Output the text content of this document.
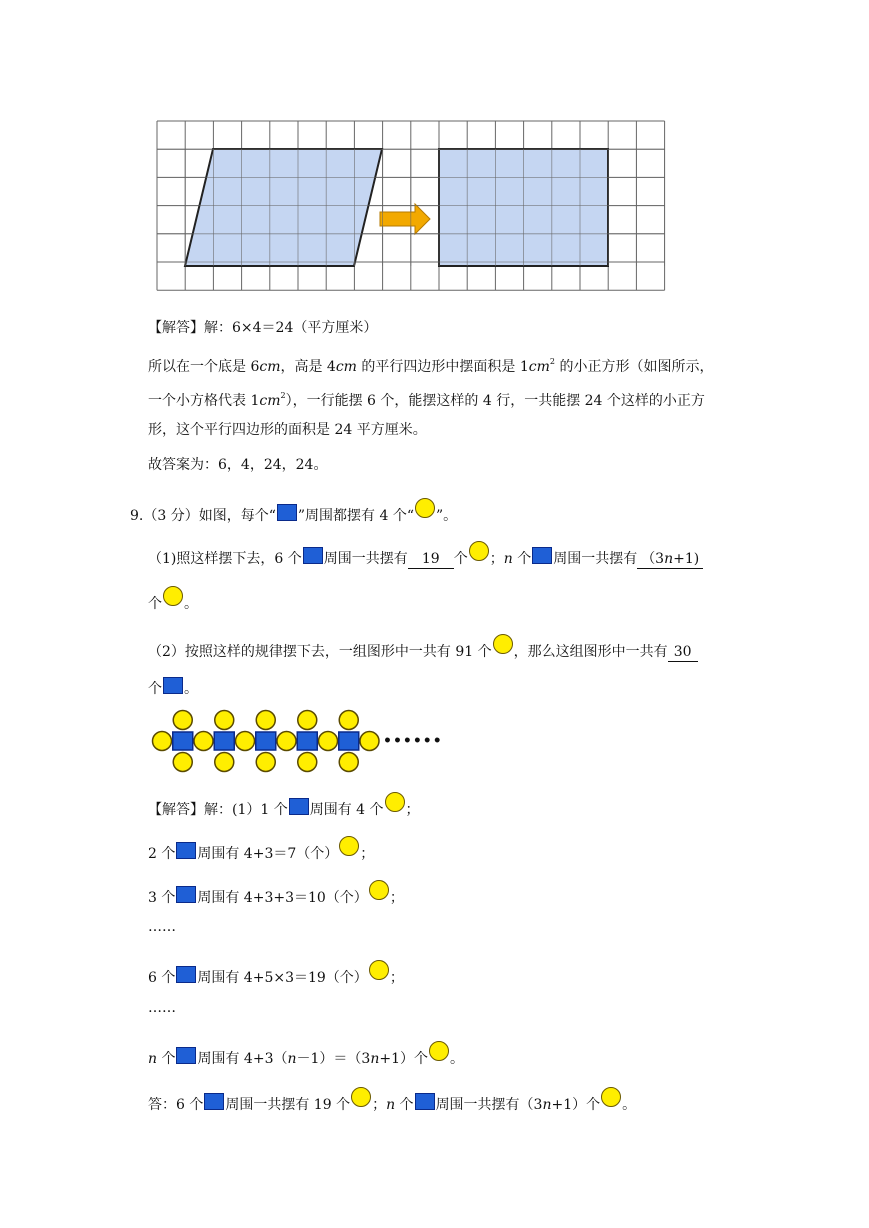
【解答】解：6×4＝24（平方厘米）
所以在一个底是 6cm，高是 4cm 的平行四边形中摆面积是 $1cm^2$ 的小正方形（如图所示，
一个小方格代表 $1cm^2$），一行能摆 6 个，能摆这样的 4 行，一共能摆 24 个这样的小正方
形，这个平行四边形的面积是 24 平方厘米。
故答案为：6，4，24，24。
9.（3 分）如图，每个“ ”周围都摆有 4 个“ ”。
（1)照这样摆下去，6 个 周围一共摆有 19 个 ；n 个 周围一共摆有 （3n+1)
个 。
（2）按照这样的规律摆下去，一组图形中一共有 91 个 ，那么这组图形中一共有 30
个 。
••••••
【解答】解：(1）1 个 周围有 4 个 ；
2 个 周围有 4+3＝7（个） ；
3 个 周围有 4+3+3＝10（个） ；
……
6 个 周围有 4+5×3＝19（个） ；
……
n 个 周围有 4+3（n－1）＝（3n+1）个 。
答：6 个 周围一共摆有 19 个 ；n 个 周围一共摆有（3n+1）个 。
